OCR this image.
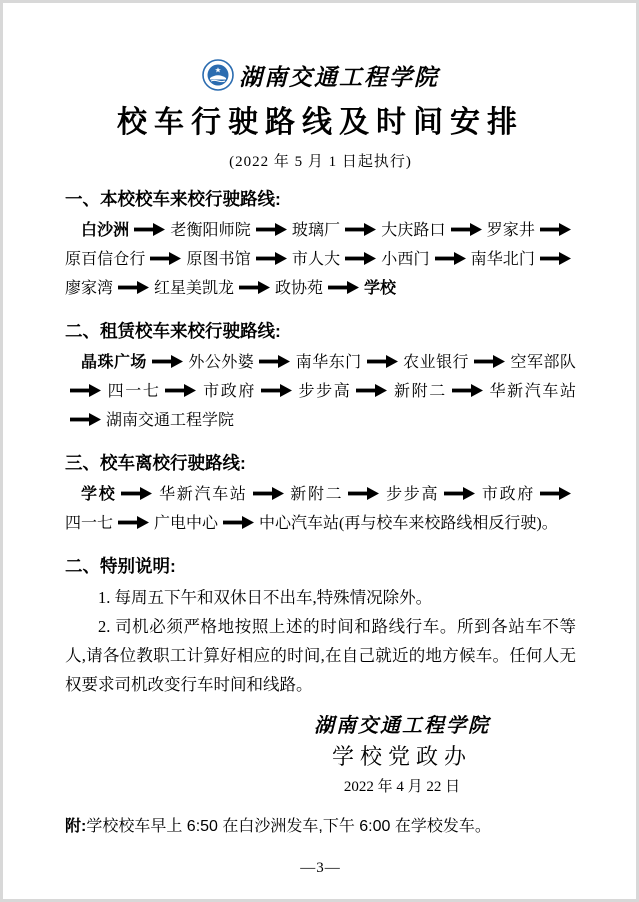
湖南交通工程学院
校车行驶路线及时间安排
(2022 年 5 月 1 日起执行)
一、本校校车来校行驶路线:
白沙洲	老衡阳师院	玻璃厂	大庆路口	罗家井原百信仓行	原图书馆	市人大	小西门	南华北门廖家湾	红星美凯龙	政协苑	学校
二、租赁校车来校行驶路线:
晶珠广场	外公外婆	南华东门	农业银行	空军部队四一七	市政府	步步高	新附二	华新汽车站湖南交通工程学院
三、校车离校行驶路线:
学校	华新汽车站	新附二	步步高	市政府四一七	广电中心	中心汽车站(再与校车来校路线相反行驶)。
二、特别说明:

1. 每周五下午和双休日不出车,特殊情况除外。

2. 司机必须严格地按照上述的时间和路线行车。所到各站车不等人,请各位教职工计算好相应的时间,在自己就近的地方候车。任何人无权要求司机改变行车时间和线路。

湖南交通工程学院
学校党政办
2022 年 4 月 22 日
附:学校校车早上 6:50 在白沙洲发车,下午 6:00 在学校发车。
—3—
